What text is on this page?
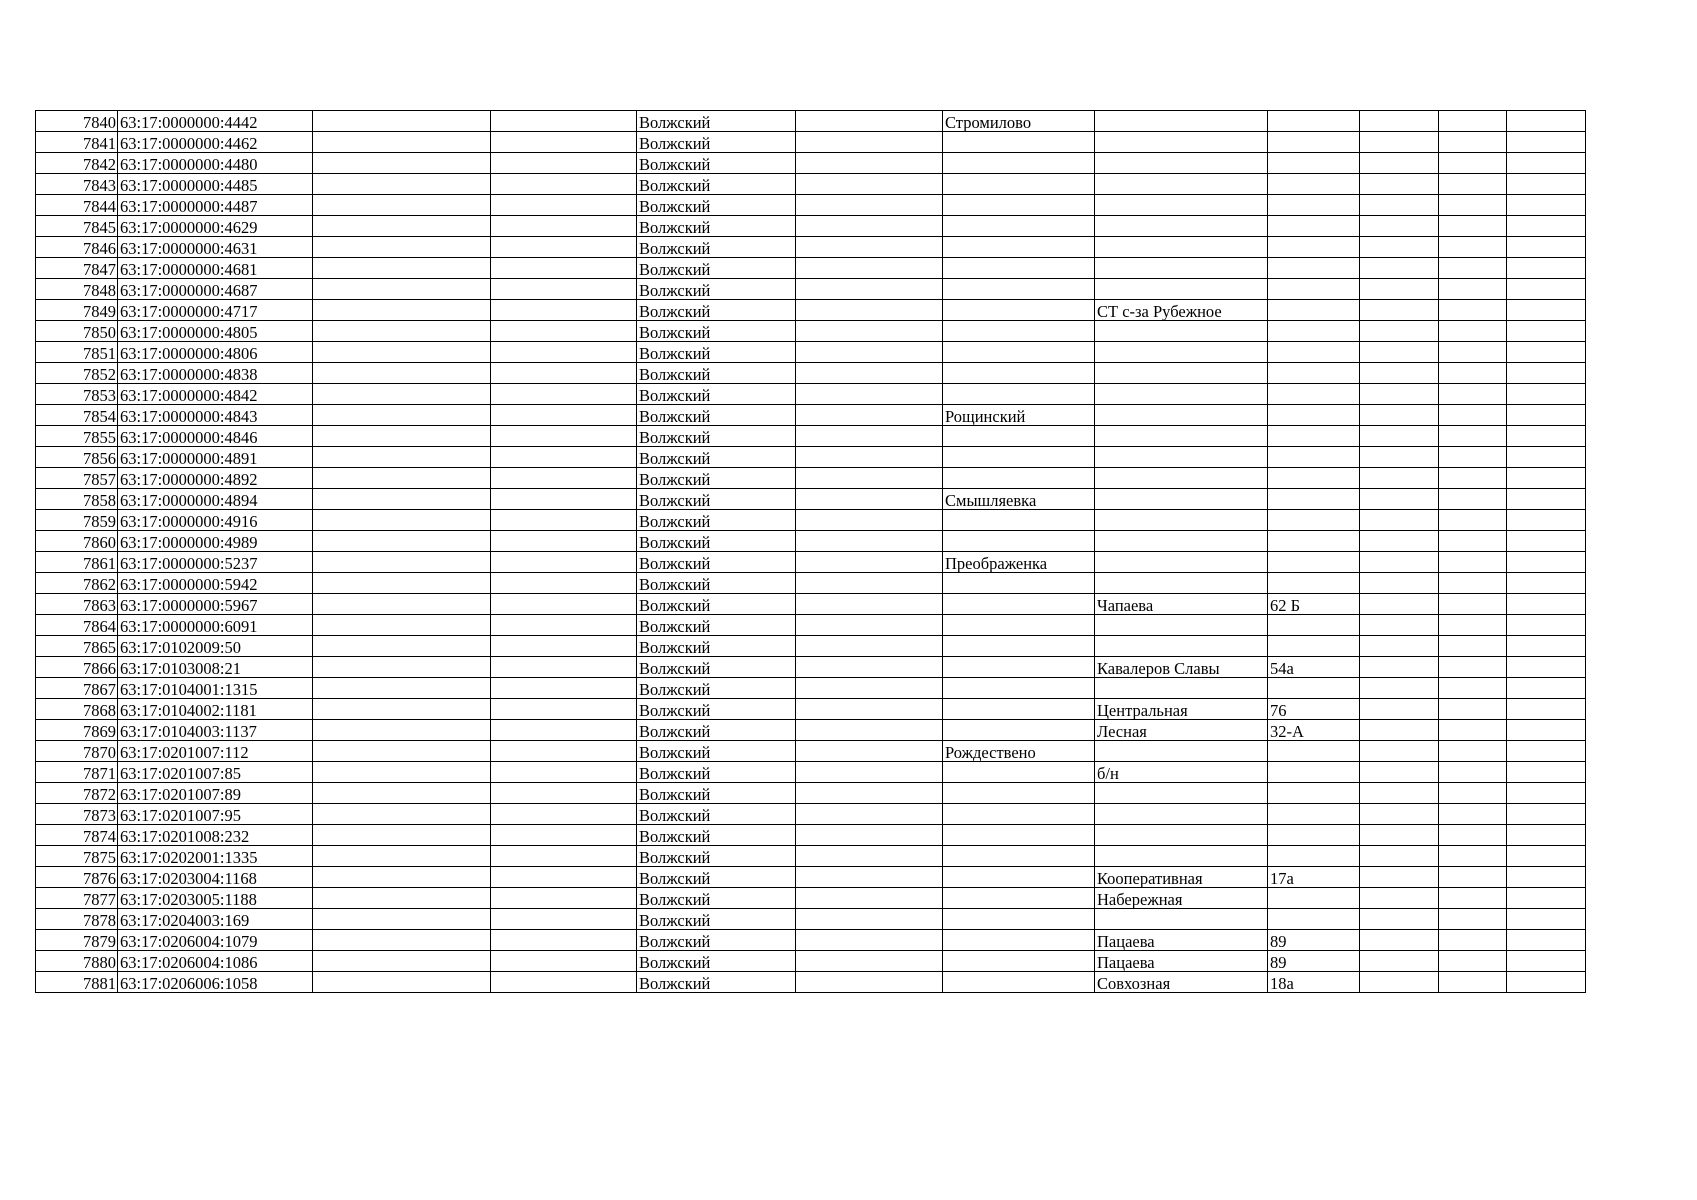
7840	63:17:0000000:4442			Волжский		Стромилово					
7841	63:17:0000000:4462			Волжский							
7842	63:17:0000000:4480			Волжский							
7843	63:17:0000000:4485			Волжский							
7844	63:17:0000000:4487			Волжский							
7845	63:17:0000000:4629			Волжский							
7846	63:17:0000000:4631			Волжский							
7847	63:17:0000000:4681			Волжский							
7848	63:17:0000000:4687			Волжский							
7849	63:17:0000000:4717			Волжский			СТ с-за Рубежное				
7850	63:17:0000000:4805			Волжский							
7851	63:17:0000000:4806			Волжский							
7852	63:17:0000000:4838			Волжский							
7853	63:17:0000000:4842			Волжский							
7854	63:17:0000000:4843			Волжский		Рощинский					
7855	63:17:0000000:4846			Волжский							
7856	63:17:0000000:4891			Волжский							
7857	63:17:0000000:4892			Волжский							
7858	63:17:0000000:4894			Волжский		Смышляевка					
7859	63:17:0000000:4916			Волжский							
7860	63:17:0000000:4989			Волжский							
7861	63:17:0000000:5237			Волжский		Преображенка					
7862	63:17:0000000:5942			Волжский							
7863	63:17:0000000:5967			Волжский			Чапаева	62 Б			
7864	63:17:0000000:6091			Волжский							
7865	63:17:0102009:50			Волжский							
7866	63:17:0103008:21			Волжский			Кавалеров Славы	54а			
7867	63:17:0104001:1315			Волжский							
7868	63:17:0104002:1181			Волжский			Центральная	76			
7869	63:17:0104003:1137			Волжский			Лесная	32-А			
7870	63:17:0201007:112			Волжский		Рождествено					
7871	63:17:0201007:85			Волжский			б/н				
7872	63:17:0201007:89			Волжский							
7873	63:17:0201007:95			Волжский							
7874	63:17:0201008:232			Волжский							
7875	63:17:0202001:1335			Волжский							
7876	63:17:0203004:1168			Волжский			Кооперативная	17а			
7877	63:17:0203005:1188			Волжский			Набережная				
7878	63:17:0204003:169			Волжский							
7879	63:17:0206004:1079			Волжский			Пацаева	89			
7880	63:17:0206004:1086			Волжский			Пацаева	89			
7881	63:17:0206006:1058			Волжский			Совхозная	18а			
